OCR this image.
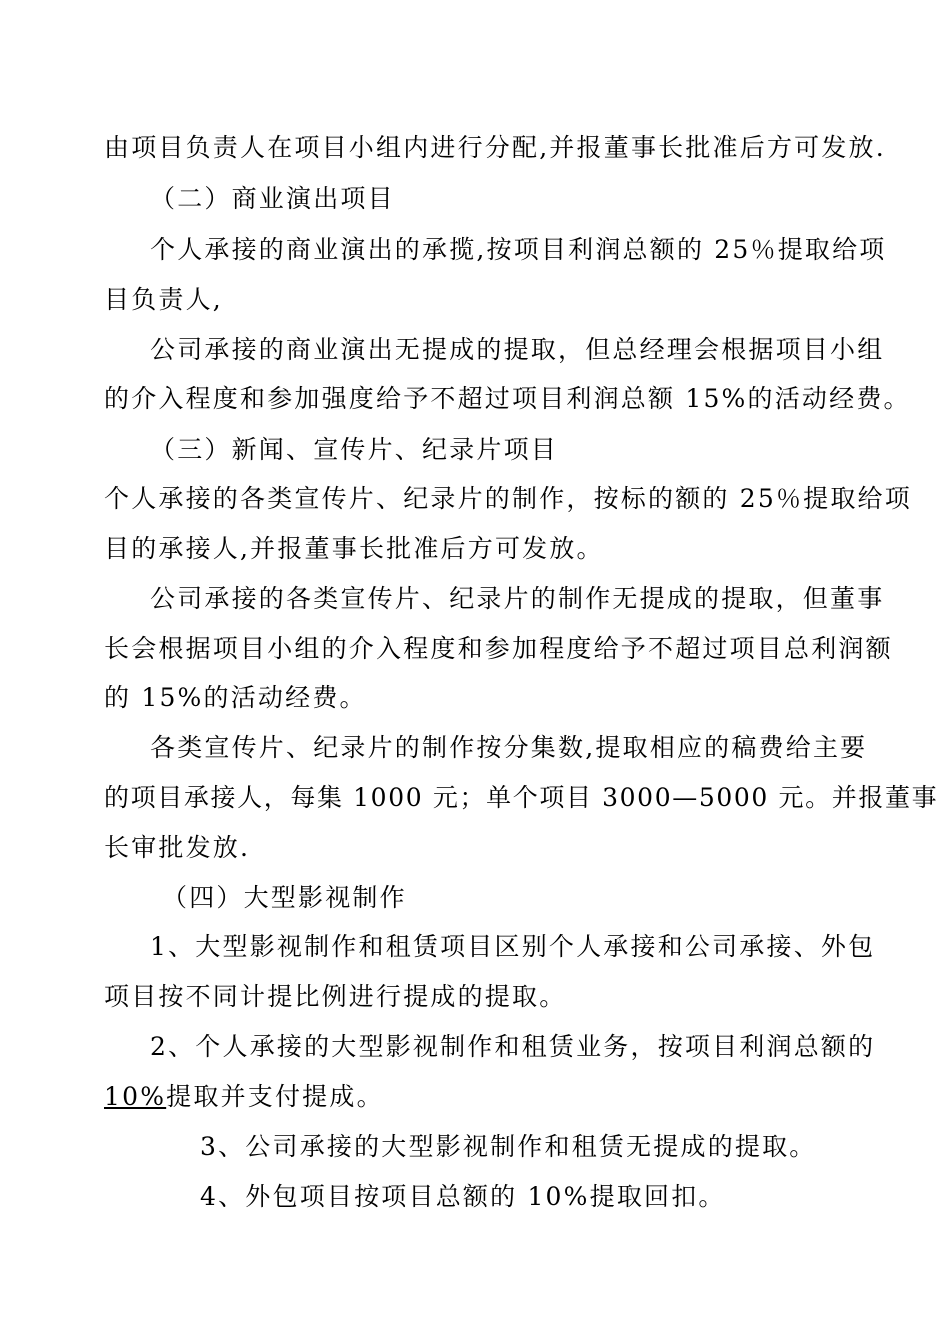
由项目负责人在项目小组内进行分配,并报董事长批准后方可发放.
（二）商业演出项目
个人承接的商业演出的承揽,按项目利润总额的 25％提取给项
目负责人,
公司承接的商业演出无提成的提取，但总经理会根据项目小组
的介入程度和参加强度给予不超过项目利润总额 15%的活动经费。
（三）新闻、宣传片、纪录片项目
个人承接的各类宣传片、纪录片的制作，按标的额的 25％提取给项
目的承接人,并报董事长批准后方可发放。
公司承接的各类宣传片、纪录片的制作无提成的提取，但董事
长会根据项目小组的介入程度和参加程度给予不超过项目总利润额
的 15%的活动经费。
各类宣传片、纪录片的制作按分集数,提取相应的稿费给主要
的项目承接人，每集 1000 元；单个项目 3000—5000 元。并报董事
长审批发放.
（四）大型影视制作
1、大型影视制作和租赁项目区别个人承接和公司承接、外包
项目按不同计提比例进行提成的提取。
2、个人承接的大型影视制作和租赁业务，按项目利润总额的
10%提取并支付提成。
3、公司承接的大型影视制作和租赁无提成的提取。
4、外包项目按项目总额的 10%提取回扣。
